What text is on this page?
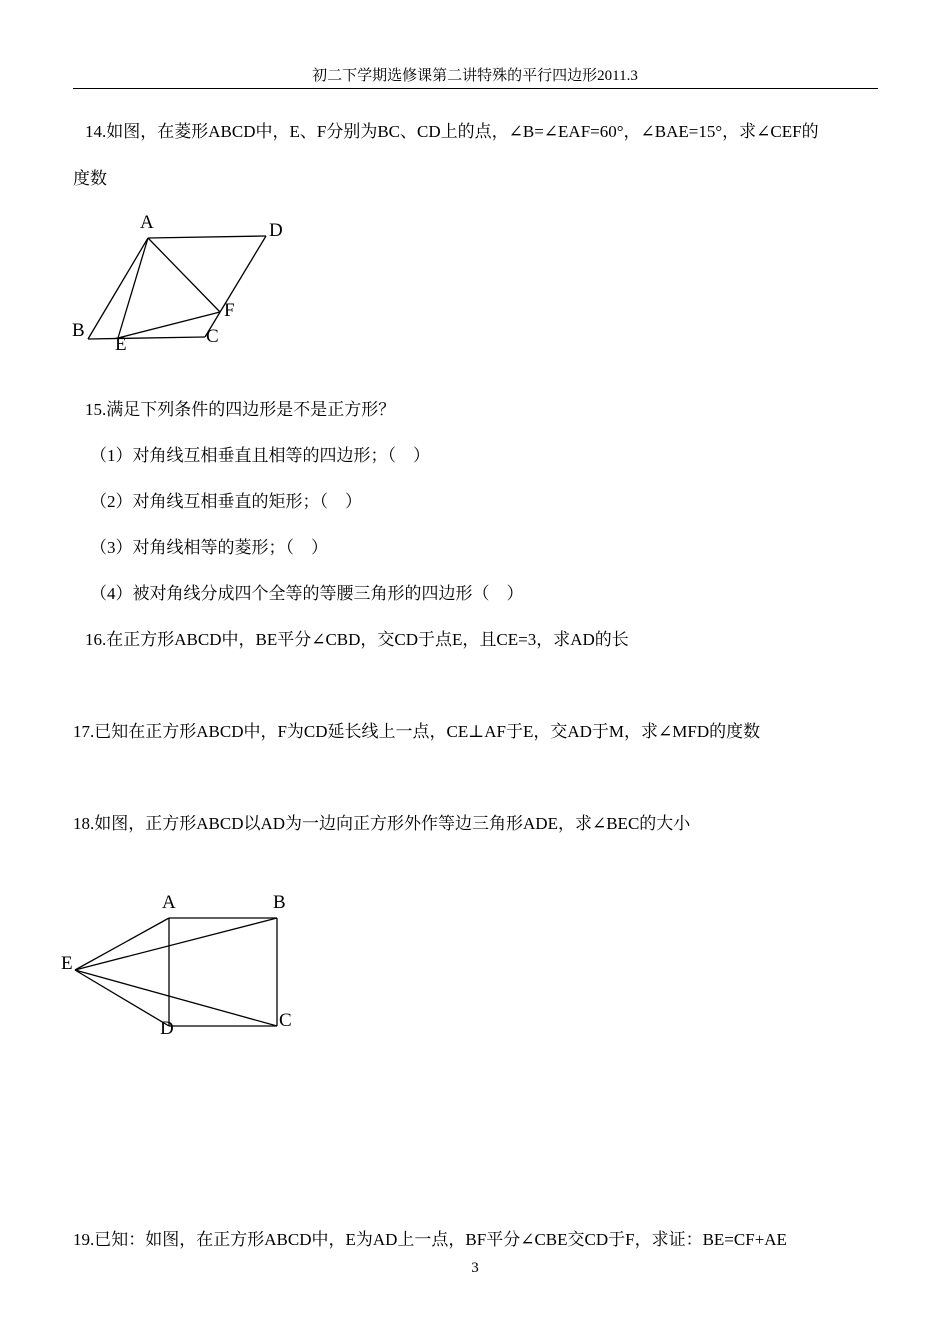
初二下学期选修课第二讲特殊的平行四边形2011.3
14.如图，在菱形ABCD中，E、F分别为BC、CD上的点，∠B=∠EAF=60°，∠BAE=15°，求∠CEF的
度数
A	D
B
E	C
F
A	B
E
D	C
15.满足下列条件的四边形是不是正方形？
（1）对角线互相垂直且相等的四边形；（　）
（2）对角线互相垂直的矩形；（　）
（3）对角线相等的菱形；（　）
（4）被对角线分成四个全等的等腰三角形的四边形（　）
16.在正方形ABCD中，BE平分∠CBD，交CD于点E，且CE=3，求AD的长
17.已知在正方形ABCD中，F为CD延长线上一点，CE⊥AF于E，交AD于M，求∠MFD的度数
18.如图，正方形ABCD以AD为一边向正方形外作等边三角形ADE，求∠BEC的大小
19.已知：如图，在正方形ABCD中，E为AD上一点，BF平分∠CBE交CD于F，求证：BE=CF+AE
3
